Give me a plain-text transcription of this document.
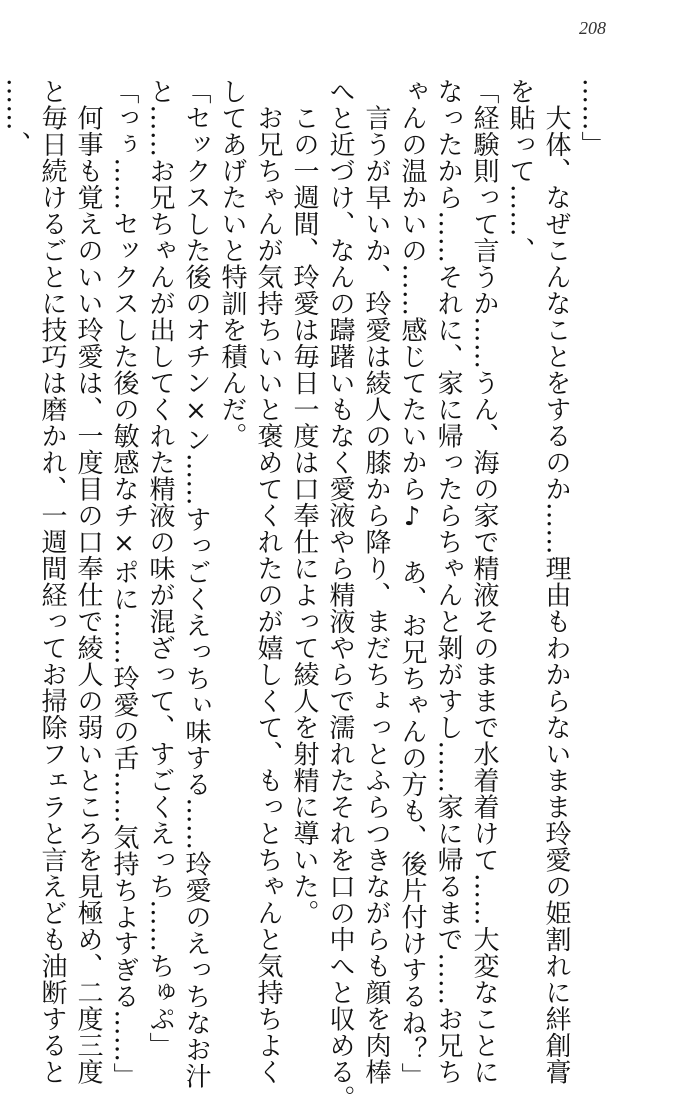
208
……」
　大体、なぜこんなことをするのか……理由もわからないまま玲愛の姫割れに絆創膏
を貼って……、
「経験則って言うか……うん、海の家で精液そのままで水着着けて……大変なことに
なったから……それに、家に帰ったらちゃんと剝がすし……家に帰るまで……お兄ち
ゃんの温かいの……感じてたいから♪　あ、お兄ちゃんの方も、後片付けするね？」
　言うが早いか、玲愛は綾人の膝から降り、まだちょっとふらつきながらも顔を肉棒
へと近づけ、なんの躊躇いもなく愛液やら精液やらで濡れたそれを口の中へと収める。
　この一週間、玲愛は毎日一度は口奉仕によって綾人を射精に導いた。
　お兄ちゃんが気持ちいいと褒めてくれたのが嬉しくて、もっとちゃんと気持ちよく
してあげたいと特訓を積んだ。
「セックスした後のオチン×ン……すっごくえっちぃ味する……玲愛のえっちなお汁
と……お兄ちゃんが出してくれた精液の味が混ざって、すごくえっち……ちゅぷ」
「っぅ……セックスした後の敏感なチ×ポに……玲愛の舌……気持ちよすぎる……」
　何事も覚えのいい玲愛は、一度目の口奉仕で綾人の弱いところを見極め、二度三度
と毎日続けるごとに技巧は磨かれ、一週間経ってお掃除フェラと言えども油断すると
……、
